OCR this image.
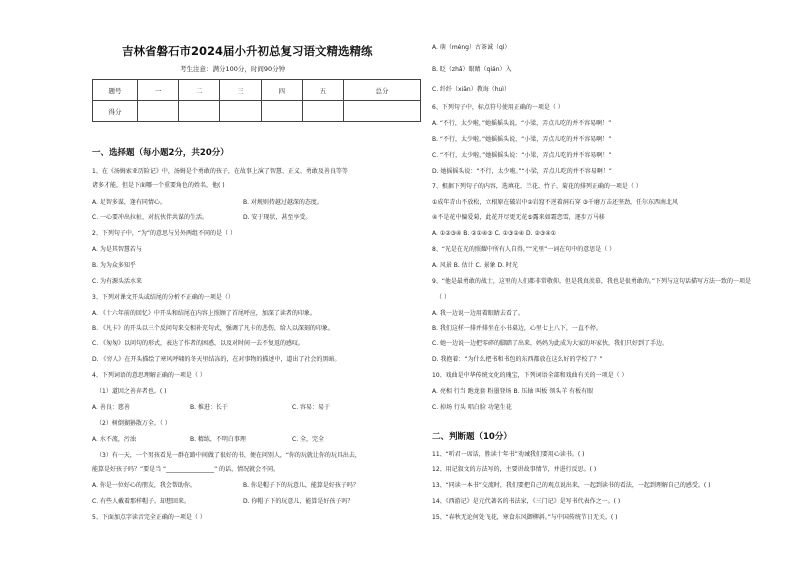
吉林省磐石市2024届小升初总复习语文精选精练
考生注意：满分100分，时间90分钟
题号	一	二	三	四	五	总分
得分						
一、选择题（每小题2分，共20分）
1、在《汤姆索亚历险记》中，汤姆是个勇敢的孩子，在故事上演了智慧、正义、勇敢及善良等等
诸多才能，但是下面哪一个重要角色的姓名，他( )
A. 足智多谋，逢有同情心。	B. 对规则持越过越深的态度。
C. 一心要冲出拉扯，对抗伙伴共谋的生活。	D. 安于现状，甚至享受。
2、下列句子中，“为”的意思与另外两组不同的是（ ）
A. 为是其智慧若与
B. 为为众多知乎
C. 为有源头活水来
3、下列对课文开头或结尾的分析不正确的一项是（）
A. 《十六年前的回忆》中开头和结尾在内容上照顾了首尾呼应，加深了读者的印象。
B. 《凡卡》的开头以三个反问句来交相补充句式，强调了凡卡的悲伤，给人以深刻的印象。
C. 《匆匆》以问句的形式，表达了作者的困惑，以及对时间一去不复返的感叹。
D. 《穷人》在开头描绘了寒风呼啸的冬天里结冻的，在对事物的描述中，道出了社会的黑暗。
4、下列词语的意思理解正确的一项是（ ）
（1）道因之善弃者也。( )
A. 善良：慈善	B. 推进：长于	C. 容易：易于
（2）树倒猢狲散万全。（ ）
A. 水不流，污浊	B. 精练，不明白事理	C. 全，完全
（3）有一天，一个男孩看见一群在路中间做了很好的书，便在问别人，“你的玩就让你的玩具出去，
能算是好孩子吗？”要是当 “________________” 的话，情况就会不同。
A. 你是一位好心的朋友，我会帮助你。	B. 你是帽子下的玩意儿，能算是好孩子吗？
C. 有些人戴着那样帽子。却想回来。	D. 你帽子下的玩意儿，能算是好孩子吗？
5、下面加点字读音完全正确的一项是（ ）
A. 萌（méng）古茶诚（qì）
B. 眨（zhǎ）眼睛（qián）入
C. 纤纤（xiān）教诲（huì）
6、下列句子中，标点符号使用正确的一项是（ ）
A. “不行，太少啦，”她摇摇头说，“小梁，弄点儿吃的并不容易啊！”
B. “不行，太少啦。”她摇摇头说，“小梁，弄点儿吃的并不容易啊！”
C. “不行，太少啦，”她摇摇头说：“小梁，弄点儿吃的并不容易啊！”
D. 她摇摇头说：“不行，太少啦。”“小梁，弄点儿吃的并不容易啊！”
7、根据下列句子的内容，选填花、兰花、竹子、菊花的排列正确的一项是（ ）
①成年青山不放松，立根原在破岩中②岩窟不逆着洞石穿 ③千磨万击还坚劲，任尔东西南北风
④不是花中偏爱菊，此花开尽更无花⑤露来如霜恋雪，逐步万马移
A. ①②③④ B. ②①④③ C. ①③②④ D. ②③④①
8、“光是在光的照耀中所有人自得，”“光里”一词在句中的意思是（ ）
A. 风景 B. 估计 C. 景象 D. 时光
9、“他是最勇敢的战士，这里的人们都非常敬仰。但是我真羡慕，我也是很勇敢的。”下列与这句话描写方法一致的一项是
（ ）
A. 我一边说一边用着眼睛去看了。
B. 我们这样一排并排坐在小书桌边，心里七上八下，一直不停。
C. 她一边说一边把零碎的脚踏了出来，妈妈为此成为大家的坏家伙，我们只好到了手边。
D. 我抱着：“为什么把书和书包的东西都放在这么好的学校了？”
10、戏曲是中华传统文化的瑰宝，下列词语全部和戏曲有关的一项是（ ）
A. 亮相 行当 跑龙套 粉墨登场 B. 压轴 叫板 领头羊 有板有眼
C. 掉场 行头 唱白脸 功笔生花
二、判断题（10分）
11、“听君一席话，胜读十年书”劝诫我们要用心读书。( )
12、用记叙文的方法写的，主要讲故事情节，并进行反思。( )
13、“同读一本书”交流时，我们要把自己的观点说出来，一起到读书的看法，一起到理解自己的感受。( )
14、《西游记》是元代著名的书法家，《三门记》是写书代表作之一。( )
15、“春秋无论何处飞花，寒食东风御柳斜。”与中国传统节日无关。( )
